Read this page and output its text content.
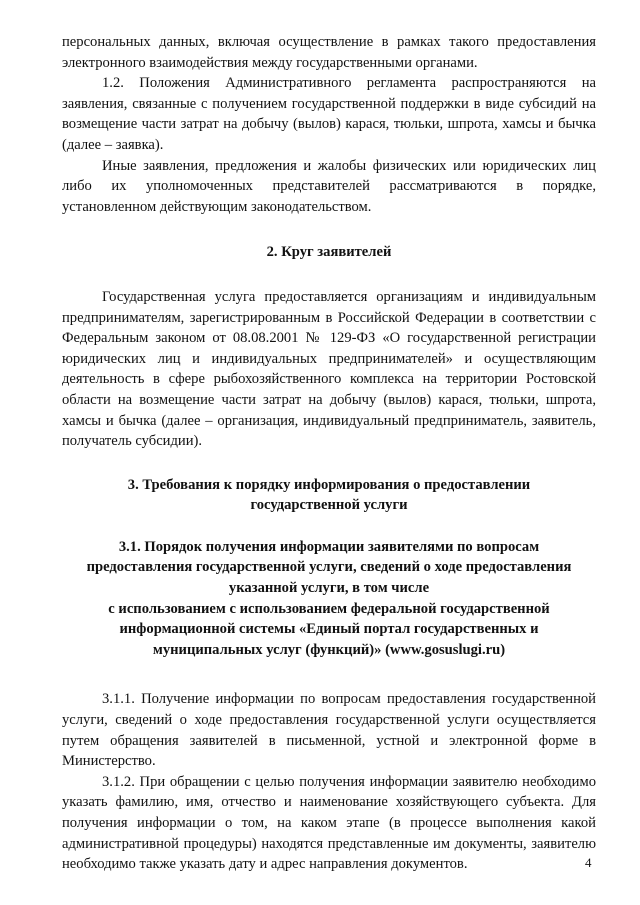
персональных данных, включая осуществление в рамках такого предоставления электронного взаимодействия между государственными органами.

1.2. Положения Административного регламента распространяются на заявления, связанные с получением государственной поддержки в виде субсидий на возмещение части затрат на добычу (вылов) карася, тюльки, шпрота, хамсы и бычка (далее – заявка).

Иные заявления, предложения и жалобы физических или юридических лиц либо их уполномоченных представителей рассматриваются в порядке, установленном действующим законодательством.

2. Круг заявителей

Государственная услуга предоставляется организациям и индивидуальным предпринимателям, зарегистрированным в Российской Федерации в соответствии с Федеральным законом от 08.08.2001 № 129-ФЗ «О государственной регистрации юридических лиц и индивидуальных предпринимателей» и осуществляющим деятельность в сфере рыбохозяйственного комплекса на территории Ростовской области на возмещение части затрат на добычу (вылов) карася, тюльки, шпрота, хамсы и бычка (далее – организация, индивидуальный предприниматель, заявитель, получатель субсидии).

3. Требования к порядку информирования о предоставлении

государственной услуги

3.1. Порядок получения информации заявителями по вопросам

предоставления государственной услуги, сведений о ходе предоставления

указанной услуги, в том числе

с использованием с использованием федеральной государственной

информационной системы «Единый портал государственных и

муниципальных услуг (функций)» (www.gosuslugi.ru)

3.1.1. Получение информации по вопросам предоставления государственной услуги, сведений о ходе предоставления государственной услуги осуществляется путем обращения заявителей в письменной, устной и электронной форме в Министерство.

3.1.2. При обращении с целью получения информации заявителю необходимо указать фамилию, имя, отчество и наименование хозяйствующего субъекта. Для получения информации о том, на каком этапе (в процессе выполнения какой административной процедуры) находятся представленные им документы, заявителю необходимо также указать дату и адрес направления документов.	4
